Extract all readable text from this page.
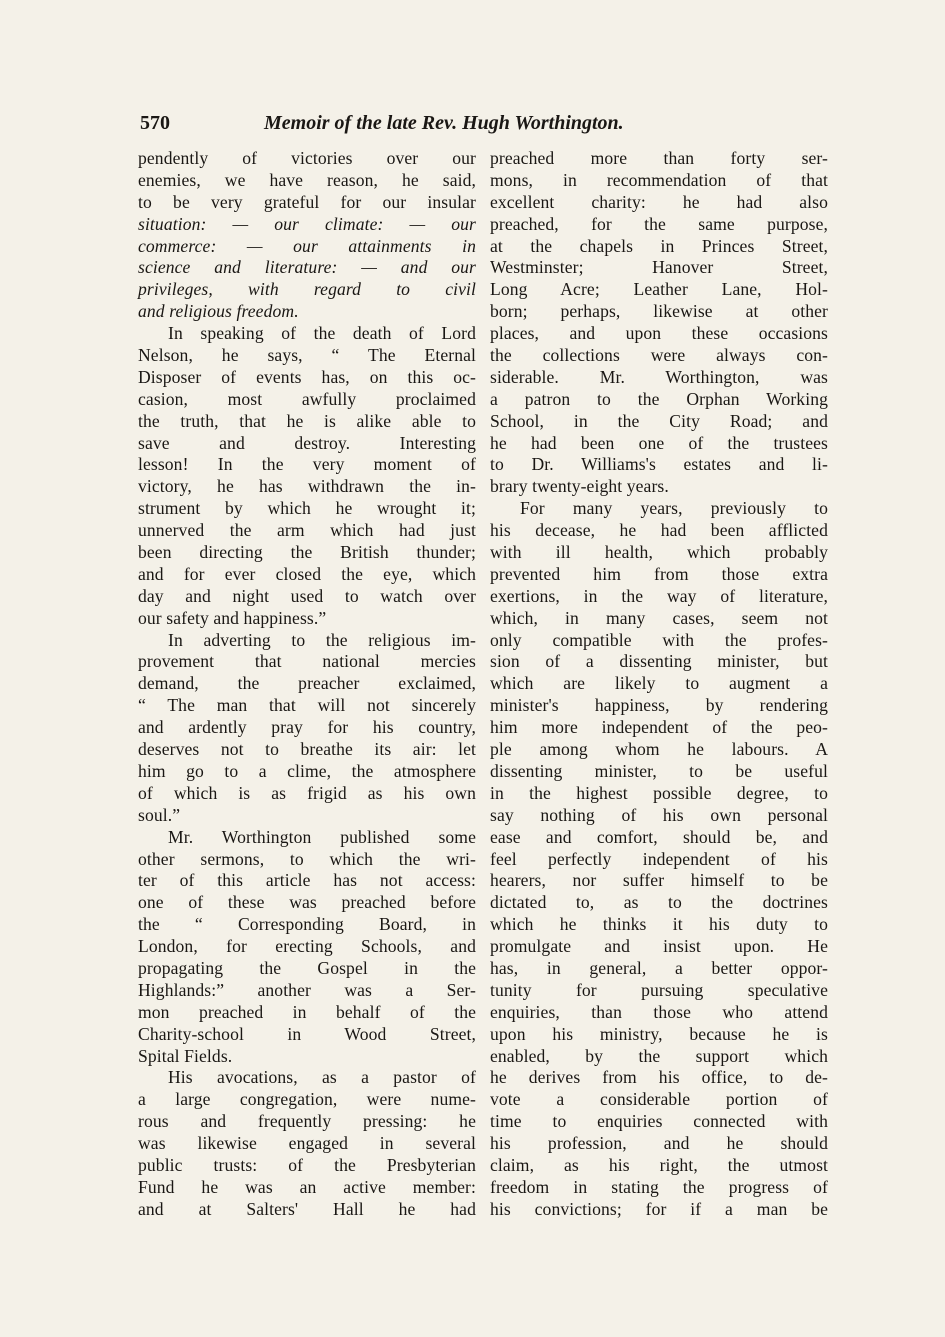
570	Memoir of the late Rev. Hugh Worthington.
pendently of victories over our
enemies, we have reason, he said,
to be very grateful for our insular
situation: — our climate: — our
commerce: — our attainments in
science and literature: — and our
privileges, with regard to civil
and religious freedom.
In speaking of the death of Lord
Nelson, he says, “ The Eternal
Disposer of events has, on this oc-
casion, most awfully proclaimed
the truth, that he is alike able to
save and destroy. Interesting
lesson! In the very moment of
victory, he has withdrawn the in-
strument by which he wrought it;
unnerved the arm which had just
been directing the British thunder;
and for ever closed the eye, which
day and night used to watch over
our safety and happiness.”
In adverting to the religious im-
provement that national mercies
demand, the preacher exclaimed,
“ The man that will not sincerely
and ardently pray for his country,
deserves not to breathe its air: let
him go to a clime, the atmosphere
of which is as frigid as his own
soul.”
Mr. Worthington published some
other sermons, to which the wri-
ter of this article has not access:
one of these was preached before
the “ Corresponding Board, in
London, for erecting Schools, and
propagating the Gospel in the
Highlands:” another was a Ser-
mon preached in behalf of the
Charity-school in Wood Street,
Spital Fields.
His avocations, as a pastor of
a large congregation, were nume-
rous and frequently pressing: he
was likewise engaged in several
public trusts: of the Presbyterian
Fund he was an active member:
and at Salters' Hall he had
preached more than forty ser-
mons, in recommendation of that
excellent charity: he had also
preached, for the same purpose,
at the chapels in Princes Street,
Westminster; Hanover Street,
Long Acre; Leather Lane, Hol-
born; perhaps, likewise at other
places, and upon these occasions
the collections were always con-
siderable. Mr. Worthington, was
a patron to the Orphan Working
School, in the City Road; and
he had been one of the trustees
to Dr. Williams's estates and li-
brary twenty-eight years.
For many years, previously to
his decease, he had been afflicted
with ill health, which probably
prevented him from those extra
exertions, in the way of literature,
which, in many cases, seem not
only compatible with the profes-
sion of a dissenting minister, but
which are likely to augment a
minister's happiness, by rendering
him more independent of the peo-
ple among whom he labours. A
dissenting minister, to be useful
in the highest possible degree, to
say nothing of his own personal
ease and comfort, should be, and
feel perfectly independent of his
hearers, nor suffer himself to be
dictated to, as to the doctrines
which he thinks it his duty to
promulgate and insist upon. He
has, in general, a better oppor-
tunity for pursuing speculative
enquiries, than those who attend
upon his ministry, because he is
enabled, by the support which
he derives from his office, to de-
vote a considerable portion of
time to enquiries connected with
his profession, and he should
claim, as his right, the utmost
freedom in stating the progress of
his convictions; for if a man be
